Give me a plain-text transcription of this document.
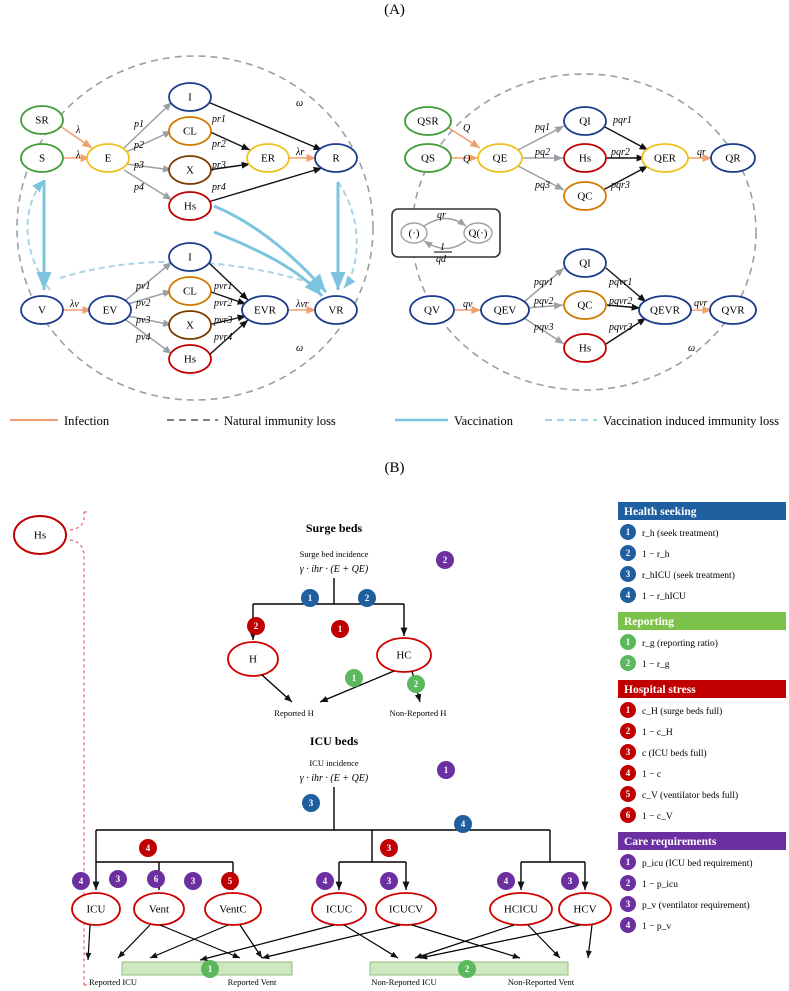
(A)
(B)
SR
S	E
I
CL
X
Hs
ER	R
V	EV
I
CL
X
Hs
EVR	VR
p1
p2
p3
p4
pr1
pr2
pr3
pr4
pv1
pv2
pv3
pv4
pvr1
pvr2
pvr3
pvr4
λ
λ	λr
λv	λvr
ω
ω
QSR
QS	QE
QI
Hs
QC
QER	QR
QV	QEV
QI
QC
Hs
QEVR	QVR
pq1
pq2
pq3
pqr1
pqr2
pqr3
pqv1
pqv2
pqv3
pqvr1
pqvr2
pqvr3
Q
Q
qr
qv	qvr
ω
(·)	Q(·)
qr
1
qd
Infection	Natural immunity loss	Vaccination	Vaccination induced immunity loss
Hs
Surge beds
Surge bed incidence
γ · ihr · (E + QE)
2
1	2
2	1
H	HC
1
2
Reported H	Non-Reported H
ICU beds
ICU incidence
γ · ihr · (E + QE)
1
3
4
4	3
4	3	6	3	5	4	3	4	3
ICU	Vent	VentC	ICUC	ICUCV	HCICU	HCV
1	2
Reported ICU	Reported Vent	Non-Reported ICU	Non-Reported Vent
Health seeking
1 r_h (seek treatment)
2 1 − r_h
3 r_hICU (seek treatment)
4 1 − r_hICU
Reporting
1 r_g (reporting ratio)
2 1 − r_g
Hospital stress
1 c_H (surge beds full)
2 1 − c_H
3 c (ICU beds full)
4 1 − c
5 c_V (ventilator beds full)
6 1 − c_V
Care requirements
1 p_icu (ICU bed requirement)
2 1 − p_icu
3 p_v (ventilator requirement)
4 1 − p_v
